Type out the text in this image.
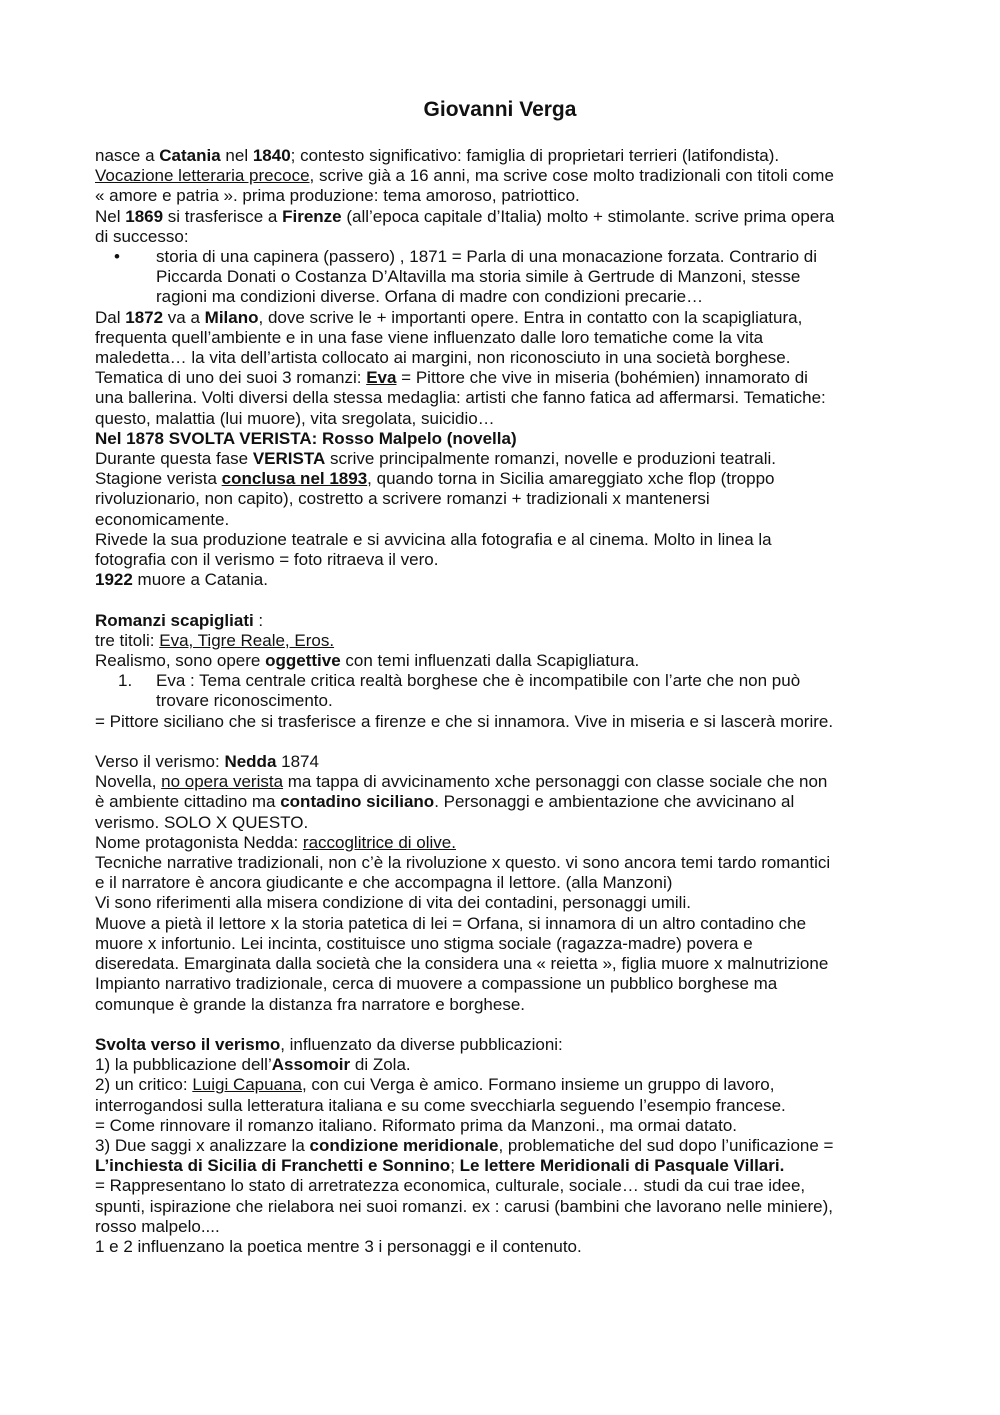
Giovanni Verga
nasce a Catania nel 1840; contesto significativo: famiglia di proprietari terrieri (latifondista).
Vocazione letteraria precoce, scrive già a 16 anni, ma scrive cose molto tradizionali con titoli come
« amore e patria ». prima produzione: tema amoroso, patriottico.
Nel 1869 si trasferisce a Firenze (all’epoca capitale d’Italia) molto + stimolante. scrive prima opera
di successo:
• storia di una capinera (passero) , 1871 = Parla di una monacazione forzata. Contrario di
Piccarda Donati o Costanza D’Altavilla ma storia simile à Gertrude di Manzoni, stesse
ragioni ma condizioni diverse. Orfana di madre con condizioni precarie…
Dal 1872 va a Milano, dove scrive le + importanti opere. Entra in contatto con la scapigliatura,
frequenta quell’ambiente e in una fase viene influenzato dalle loro tematiche come la vita
maledetta… la vita dell’artista collocato ai margini, non riconosciuto in una società borghese.
Tematica di uno dei suoi 3 romanzi: Eva = Pittore che vive in miseria (bohémien) innamorato di
una ballerina. Volti diversi della stessa medaglia: artisti che fanno fatica ad affermarsi. Tematiche:
questo, malattia (lui muore), vita sregolata, suicidio…
Nel 1878 SVOLTA VERISTA: Rosso Malpelo (novella)
Durante questa fase VERISTA scrive principalmente romanzi, novelle e produzioni teatrali.
Stagione verista conclusa nel 1893, quando torna in Sicilia amareggiato xche flop (troppo
rivoluzionario, non capito), costretto a scrivere romanzi + tradizionali x mantenersi
economicamente.
Rivede la sua produzione teatrale e si avvicina alla fotografia e al cinema. Molto in linea la
fotografia con il verismo = foto ritraeva il vero.
1922 muore a Catania.
Romanzi scapigliati :
tre titoli: Eva, Tigre Reale, Eros.
Realismo, sono opere oggettive con temi influenzati dalla Scapigliatura.
1. Eva : Tema centrale critica realtà borghese che è incompatibile con l’arte che non può
trovare riconoscimento.
= Pittore siciliano che si trasferisce a firenze e che si innamora. Vive in miseria e si lascerà morire.
Verso il verismo: Nedda 1874
Novella, no opera verista ma tappa di avvicinamento xche personaggi con classe sociale che non
è ambiente cittadino ma contadino siciliano. Personaggi e ambientazione che avvicinano al
verismo. SOLO X QUESTO.
Nome protagonista Nedda: raccoglitrice di olive.
Tecniche narrative tradizionali, non c’è la rivoluzione x questo. vi sono ancora temi tardo romantici
e il narratore è ancora giudicante e che accompagna il lettore. (alla Manzoni)
Vi sono riferimenti alla misera condizione di vita dei contadini, personaggi umili.
Muove a pietà il lettore x la storia patetica di lei = Orfana, si innamora di un altro contadino che
muore x infortunio. Lei incinta, costituisce uno stigma sociale (ragazza-madre) povera e
diseredata. Emarginata dalla società che la considera una « reietta », figlia muore x malnutrizione
Impianto narrativo tradizionale, cerca di muovere a compassione un pubblico borghese ma
comunque è grande la distanza fra narratore e borghese.
Svolta verso il verismo, influenzato da diverse pubblicazioni:
1) la pubblicazione dell’Assomoir di Zola.
2) un critico: Luigi Capuana, con cui Verga è amico. Formano insieme un gruppo di lavoro,
interrogandosi sulla letteratura italiana e su come svecchiarla seguendo l’esempio francese.
= Come rinnovare il romanzo italiano. Riformato prima da Manzoni., ma ormai datato.
3) Due saggi x analizzare la condizione meridionale, problematiche del sud dopo l’unificazione =
L’inchiesta di Sicilia di Franchetti e Sonnino; Le lettere Meridionali di Pasquale Villari.
= Rappresentano lo stato di arretratezza economica, culturale, sociale… studi da cui trae idee,
spunti, ispirazione che rielabora nei suoi romanzi. ex : carusi (bambini che lavorano nelle miniere),
rosso malpelo....
1 e 2 influenzano la poetica mentre 3 i personaggi e il contenuto.
